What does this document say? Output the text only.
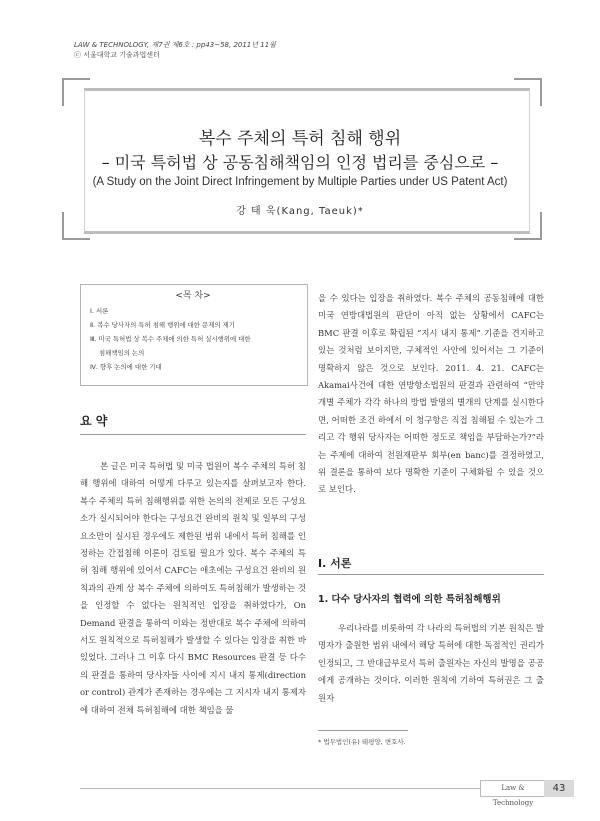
LAW & TECHNOLOGY, 제7권 제6호 : pp43~58, 2011년 11월
ⓒ 서울대학교 기술과법센터
복수 주체의 특허 침해 행위
– 미국 특허법 상 공동침해책임의 인정 법리를 중심으로 –
(A Study on the Joint Direct Infringement by Multiple Parties under US Patent Act)
강 태 욱(Kang, Taeuk)*
<목 차>
Ⅰ. 서론
Ⅱ. 복수 당사자의 특허 침해 행위에 대한 문제의 제기
Ⅲ. 미국 특허법 상 복수 주체에 의한 특허 실시행위에 대한
침해책임의 논의
Ⅳ. 향후 논의에 대한 기대
요 약

본 글은 미국 특허법 및 미국 법원이 복수 주체의 특허 침해 행위에 대하여 어떻게 다루고 있는지를 살펴보고자 한다. 복수 주체의 특허 침해행위를 위한 논의의 전제로 모든 구성요소가 실시되어야 한다는 구성요건 완비의 원칙 및 일부의 구성요소만이 실시된 경우에도 제한된 범위 내에서 특허 침해를 인정하는 간접침해 이론이 검토될 필요가 있다. 복수 주체의 특허 침해 행위에 있어서 CAFC는 애초에는 구성요건 완비의 원칙과의 관계 상 복수 주체에 의하여도 특허침해가 발생하는 것을 인정할 수 없다는 원칙적인 입장을 취하였다가, On Demand 판결을 통하여 이와는 정반대로 복수 주체에 의하여서도 원칙적으로 특허침해가 발생할 수 있다는 입장을 취한 바 있었다. 그러나 그 이후 다시 BMC Resources 판결 등 다수의 판결을 통하여 당사자들 사이에 지시 내지 통제(direction or control) 관계가 존재하는 경우에는 그 지시자 내지 통제자에 대하여 전체 특허침해에 대한 책임을 물

을 수 있다는 입장을 취하였다. 복수 주체의 공동침해에 대한 미국 연방대법원의 판단이 아직 없는 상황에서 CAFC는 BMC 판결 이후로 확립된 “지시 내지 통제” 기준을 견지하고 있는 것처럼 보이지만, 구체적인 사안에 있어서는 그 기준이 명확하지 않은 것으로 보인다. 2011. 4. 21. CAFC는 Akamai사건에 대한 연방항소법원의 판결과 관련하여 “만약 개별 주체가 각각 하나의 방법 발명의 별개의 단계를 실시한다면, 어떠한 조건 하에서 이 청구항은 직접 침해될 수 있는가 그리고 각 행위 당사자는 어떠한 정도로 책임을 부담하는가?”라는 주제에 대하여 전원재판부 회부(en banc)를 결정하였고, 위 결론을 통하여 보다 명확한 기준이 구체화될 수 있을 것으로 보인다.

Ⅰ. 서론
1. 다수 당사자의 협력에 의한 특허침해행위

우리나라를 비롯하여 각 나라의 특허법의 기본 원칙은 발명자가 출원한 범위 내에서 해당 특허에 대한 독점적인 권리가 인정되고, 그 반대급부로서 특허 출원자는 자신의 발명을 공공에게 공개하는 것이다. 이러한 원칙에 기하여 특허권은 그 출원자

* 법무법인(유) 태평양, 변호사.
Law & Technology
43
